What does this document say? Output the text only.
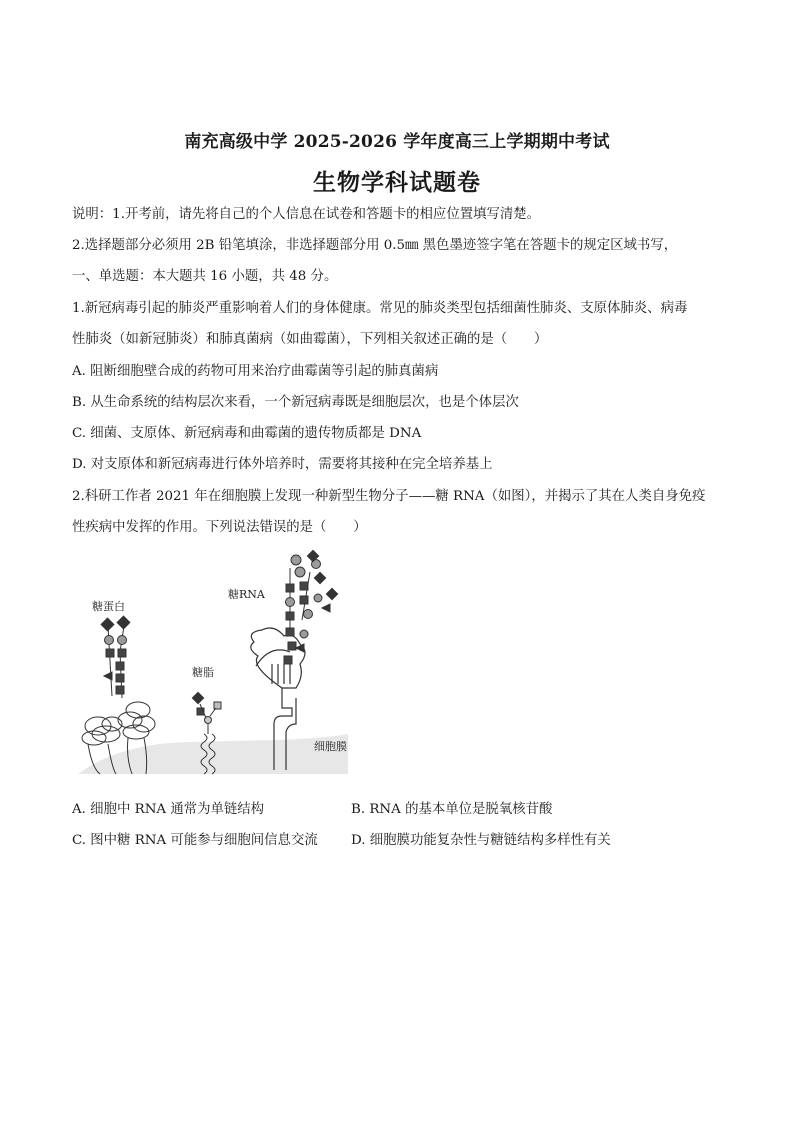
南充高级中学 2025-2026 学年度高三上学期期中考试
生物学科试题卷
说明：1.开考前，请先将自己的个人信息在试卷和答题卡的相应位置填写清楚。
2.选择题部分必须用 2B 铅笔填涂，非选择题部分用 0.5㎜ 黑色墨迹签字笔在答题卡的规定区域书写，
一、单选题：本大题共 16 小题，共 48 分。
1.新冠病毒引起的肺炎严重影响着人们的身体健康。常见的肺炎类型包括细菌性肺炎、支原体肺炎、病毒
性肺炎（如新冠肺炎）和肺真菌病（如曲霉菌），下列相关叙述正确的是（　　）
A. 阻断细胞壁合成的药物可用来治疗曲霉菌等引起的肺真菌病
B. 从生命系统的结构层次来看，一个新冠病毒既是细胞层次，也是个体层次
C. 细菌、支原体、新冠病毒和曲霉菌的遗传物质都是 DNA
D. 对支原体和新冠病毒进行体外培养时，需要将其接种在完全培养基上
2.科研工作者 2021 年在细胞膜上发现一种新型生物分子——糖 RNA（如图），并揭示了其在人类自身免疫
性疾病中发挥的作用。下列说法错误的是（　　）
糖蛋白
糖脂
糖RNA
细胞膜
A. 细胞中 RNA 通常为单链结构	B. RNA 的基本单位是脱氧核苷酸
C. 图中糖 RNA 可能参与细胞间信息交流 D. 细胞膜功能复杂性与糖链结构多样性有关
